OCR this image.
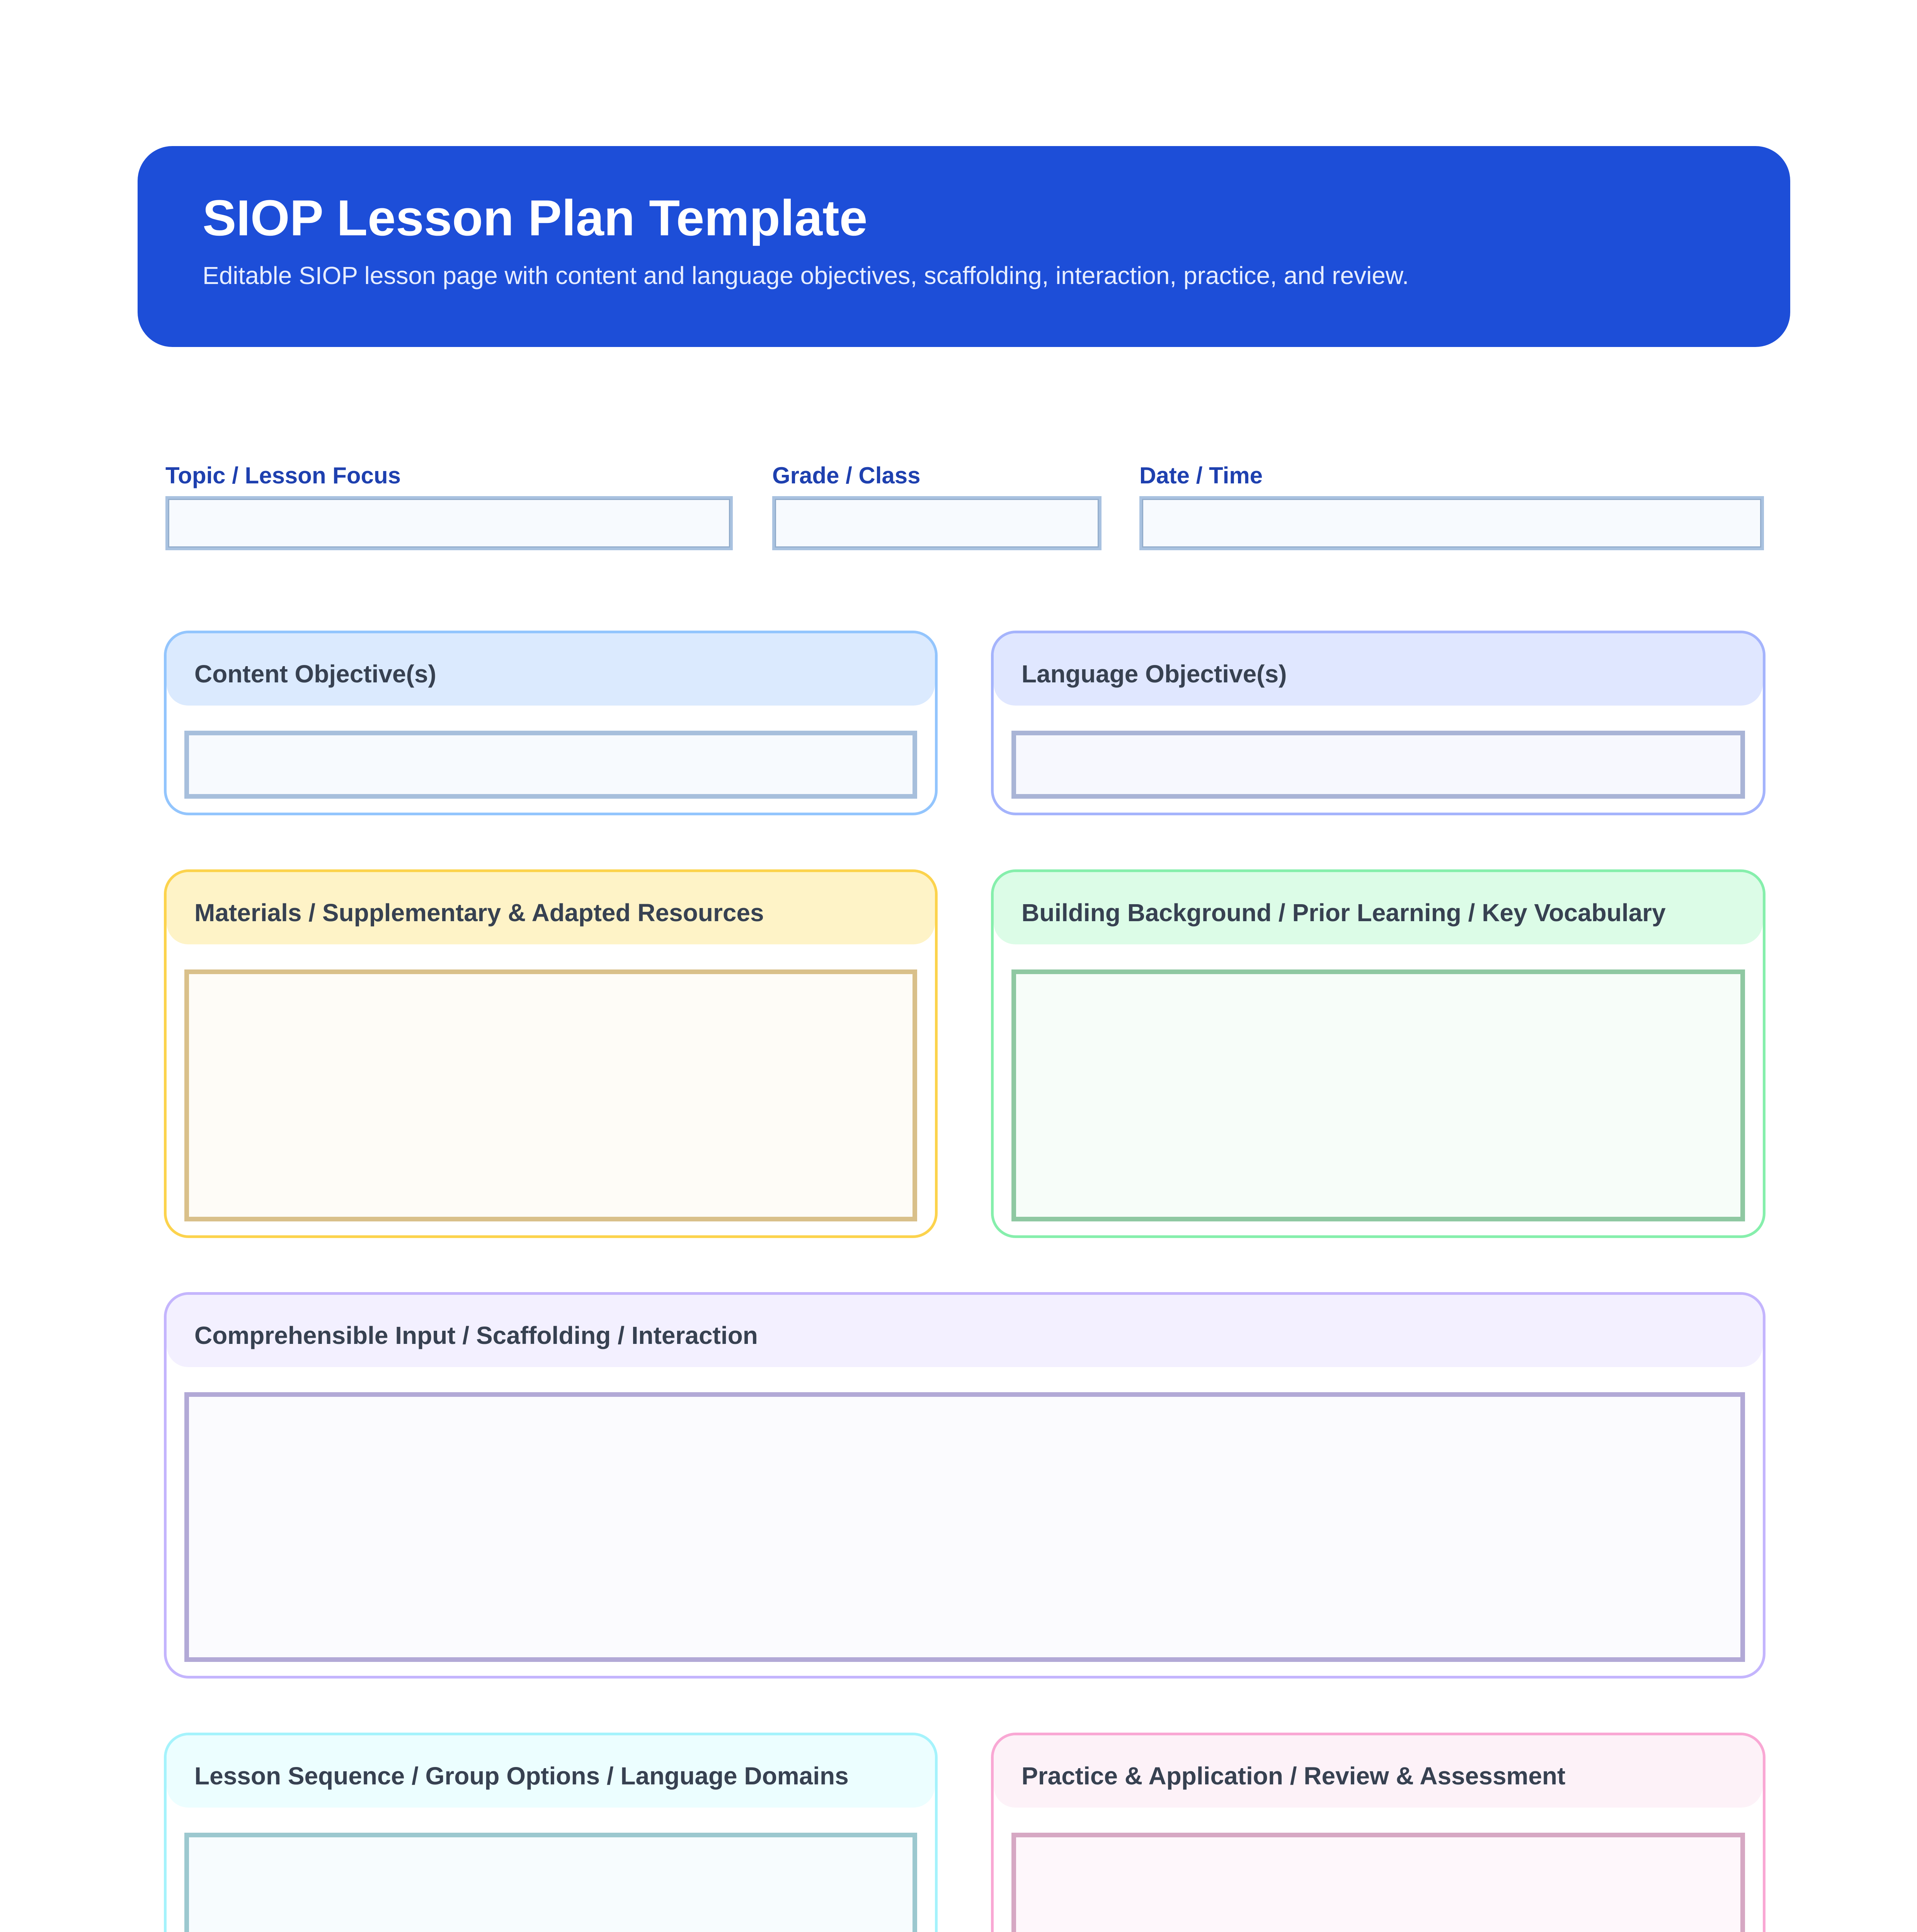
SIOP Lesson Plan Template
Editable SIOP lesson page with content and language objectives, scaffolding, interaction, practice, and review.
Topic / Lesson Focus	Grade / Class	Date / Time
Content Objective(s)	Language Objective(s)
Materials / Supplementary & Adapted Resources	Building Background / Prior Learning / Key Vocabulary
Comprehensible Input / Scaffolding / Interaction
Lesson Sequence / Group Options / Language Domains	Practice & Application / Review & Assessment
